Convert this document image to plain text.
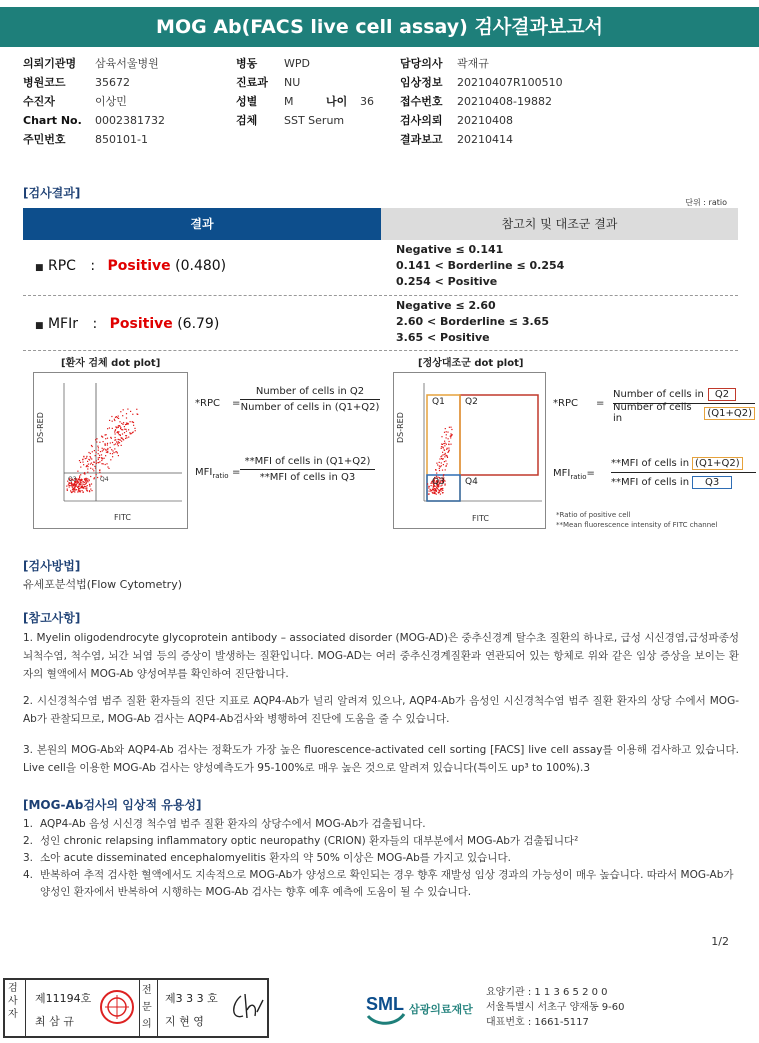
MOG Ab(FACS live cell assay) 검사결과보고서
의뢰기관명	삼육서울병원
병원코드	35672
수진자	이상민
Chart No.	0002381732
주민번호	850101-1
병동	WPD
진료과	NU
성별	M	나이	36
검체	SST Serum
담당의사	곽재규
임상정보	20210407R100510
접수번호	20210408-19882
검사의뢰	20210408
결과보고	20210414
[검사결과]
단위 : ratio
결과	참고치 및 대조군 결과
■ RPC : Positive (0.480)
Negative ≤ 0.141
0.141 < Borderline ≤ 0.254
0.254 < Positive
■ MFIr : Positive (6.79)
Negative ≤ 2.60
2.60 < Borderline ≤ 3.65
3.65 < Positive
[환자 검체 dot plot]	[정상대조군 dot plot]
DS-RED
FITC
Q3	Q4
*RPC =
Number of cells in Q2
Number of cells in (Q1+Q2)
$MFI_{ratio}$ =
**MFI of cells in (Q1+Q2)
**MFI of cells in Q3
DS-RED
FITC
Q1 Q2
Q3 Q4
*RPC =
Number of cells in	Q2
Number of cells in	(Q1+Q2)
$MFI_{ratio}=$
**MFI of cells in (Q1+Q2)
**MFI of cells in	Q3
*Ratio of positive cell
**Mean fluorescence intensity of FITC channel
[검사방법]
유세포분석법(Flow Cytometry)
[참고사항]
1. Myelin oligodendrocyte glycoprotein antibody – associated disorder (MOG-AD)은 중추신경계 탈수초 질환의 하나로, 급성 시신경염,급성파종성 뇌척수염, 척수염, 뇌간 뇌염 등의 증상이 발생하는 질환입니다. MOG-AD는 여러 중추신경계질환과 연관되어 있는 항체로 위와 같은 임상 증상을 보이는 환자의 혈액에서 MOG-Ab 양성여부를 확인하여 진단합니다.
2. 시신경척수염 범주 질환 환자들의 진단 지표로 AQP4-Ab가 널리 알려져 있으나, AQP4-Ab가 음성인 시신경척수염 범주 질환 환자의 상당 수에서 MOG-Ab가 관찰되므로, MOG-Ab 검사는 AQP4-Ab검사와 병행하여 진단에 도움을 줄 수 있습니다.
3. 본원의 MOG-Ab와 AQP4-Ab 검사는 정확도가 가장 높은 fluorescence-activated cell sorting [FACS] live cell assay를 이용해 검사하고 있습니다. Live cell을 이용한 MOG-Ab 검사는 양성예측도가 95-100%로 매우 높은 것으로 알려져 있습니다(특이도 up³ to 100%).3
[MOG-Ab검사의 임상적 유용성]
1. AQP4-Ab 음성 시신경 척수염 범주 질환 환자의 상당수에서 MOG-Ab가 검출됩니다.
2. 성인 chronic relapsing inflammatory optic neuropathy (CRION) 환자들의 대부분에서 MOG-Ab가 검출됩니다²
3. 소아 acute disseminated encephalomyelitis 환자의 약 50% 이상은 MOG-Ab를 가지고 있습니다.
4. 반복하여 추적 검사한 혈액에서도 지속적으로 MOG-Ab가 양성으로 확인되는 경우 향후 재발성 임상 경과의 가능성이 매우 높습니다. 따라서 MOG-Ab가 양성인 환자에서 반복하여 시행하는 MOG-Ab 검사는 향후 예후 예측에 도움이 될 수 있습니다.
1/2
검사자
제11194호
최 삼 규
전문의
제3 3 3 호
지 현 영
SML 삼광의료재단
요양기관 : 1 1 3 6 5 2 0 0
서울특별시 서초구 양재동 9-60
대표번호 : 1661-5117
